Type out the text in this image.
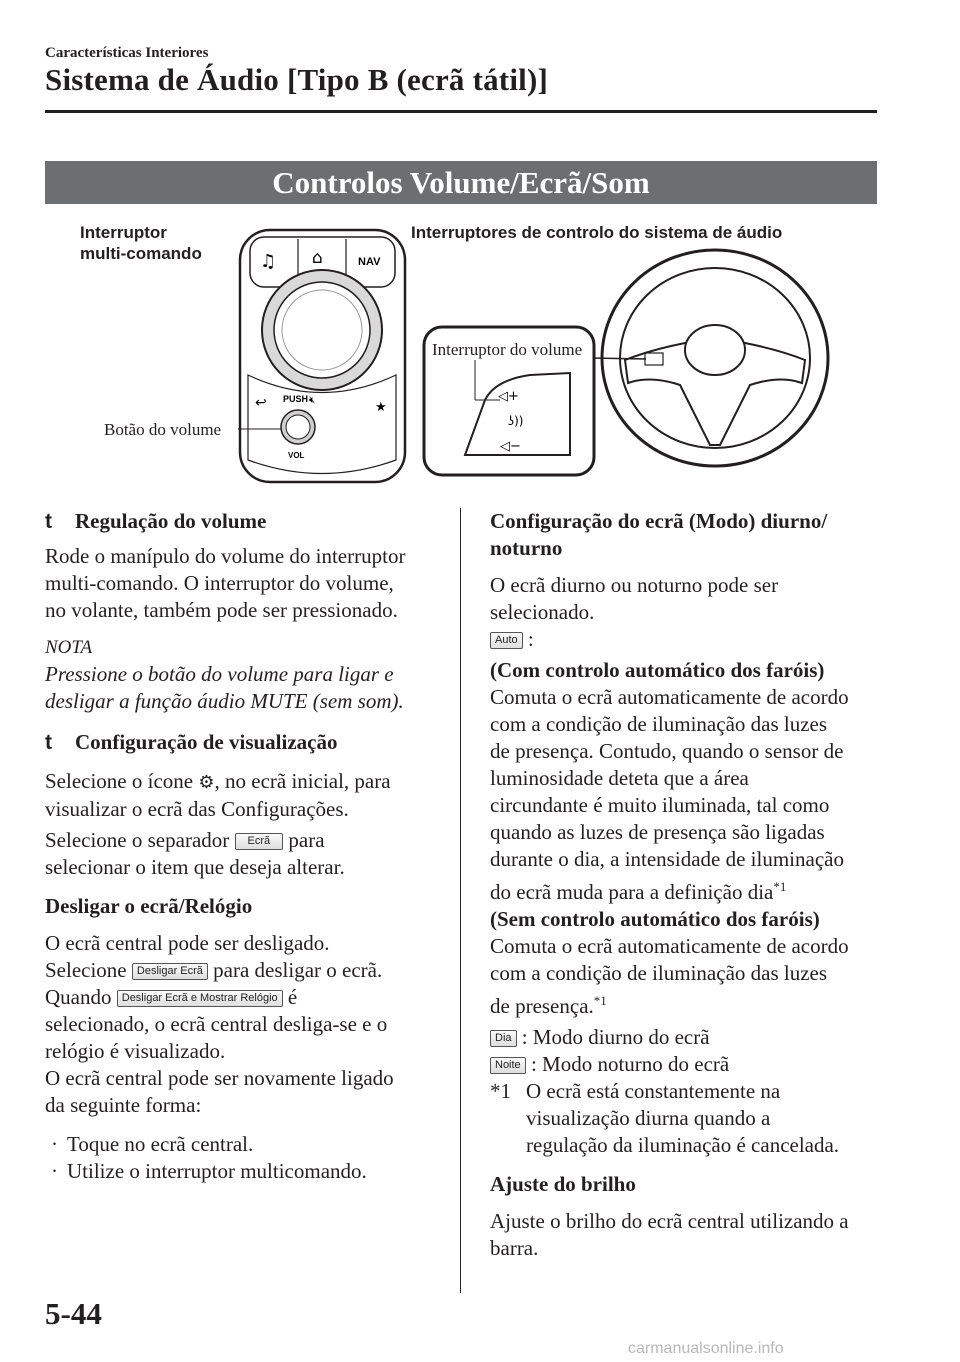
Características Interiores
Sistema de Áudio [Tipo B (ecrã tátil)]
Controlos Volume/Ecrã/Som
Interruptor
multi-comando
Interruptores de controlo do sistema de áudio
♫ ⌂	NAV
↩	★
PUSH 🔇︎
VOL
◁+
ʖ))
◁−
Botão do volume
Interruptor do volume

t Regulação do volume

Rode o manípulo do volume do interruptor

multi-comando. O interruptor do volume,

no volante, também pode ser pressionado.

NOTA

Pressione o botão do volume para ligar e

desligar a função áudio MUTE (sem som).

t Configuração de visualização

Selecione o ícone ⚙, no ecrã inicial, para

visualizar o ecrã das Configurações.

Selecione o separador Ecrã para

selecionar o item que deseja alterar.

Desligar o ecrã/Relógio

O ecrã central pode ser desligado.

Selecione Desligar Ecrã para desligar o ecrã.

Quando Desligar Ecrã e Mostrar Relógio é

selecionado, o ecrã central desliga-se e o

relógio é visualizado.

O ecrã central pode ser novamente ligado

da seguinte forma:

· Toque no ecrã central.

· Utilize o interruptor multicomando.

Configuração do ecrã (Modo) diurno/

noturno

O ecrã diurno ou noturno pode ser

selecionado.

Auto :

(Com controlo automático dos faróis)

Comuta o ecrã automaticamente de acordo

com a condição de iluminação das luzes

de presença. Contudo, quando o sensor de

luminosidade deteta que a área

circundante é muito iluminada, tal como

quando as luzes de presença são ligadas

durante o dia, a intensidade de iluminação

do ecrã muda para a definição dia$^{*1}$

(Sem controlo automático dos faróis)

Comuta o ecrã automaticamente de acordo

com a condição de iluminação das luzes

de presença.$^{*1}$

Dia : Modo diurno do ecrã

Noite : Modo noturno do ecrã

*1 O ecrã está constantemente na

visualização diurna quando a

regulação da iluminação é cancelada.

Ajuste do brilho

Ajuste o brilho do ecrã central utilizando a

barra.

5-44
carmanualsonline.info
